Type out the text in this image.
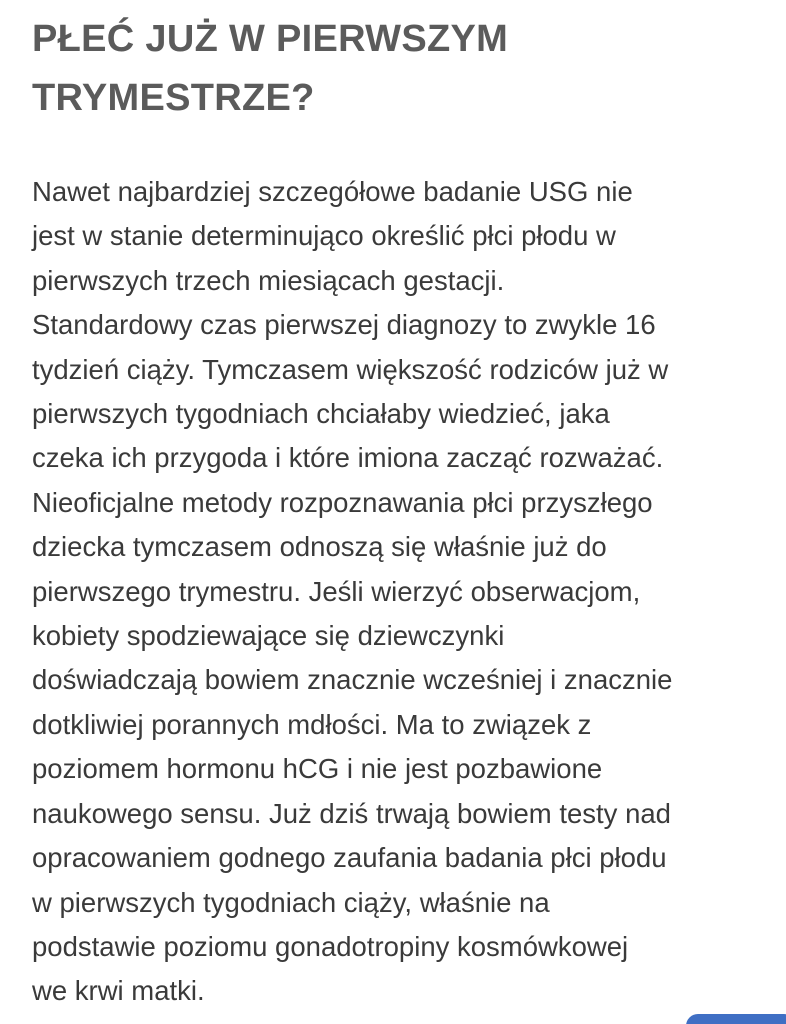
PŁEĆ JUŻ W PIERWSZYM
TRYMESTRZE?

Nawet najbardziej szczegółowe badanie USG nie
jest w stanie determinująco określić płci płodu w
pierwszych trzech miesiącach gestacji.
Standardowy czas pierwszej diagnozy to zwykle 16
tydzień ciąży. Tymczasem większość rodziców już w
pierwszych tygodniach chciałaby wiedzieć, jaka
czeka ich przygoda i które imiona zacząć rozważać.
Nieoficjalne metody rozpoznawania płci przyszłego
dziecka tymczasem odnoszą się właśnie już do
pierwszego trymestru. Jeśli wierzyć obserwacjom,
kobiety spodziewające się dziewczynki
doświadczają bowiem znacznie wcześniej i znacznie
dotkliwiej porannych mdłości. Ma to związek z
poziomem hormonu hCG i nie jest pozbawione
naukowego sensu. Już dziś trwają bowiem testy nad
opracowaniem godnego zaufania badania płci płodu
w pierwszych tygodniach ciąży, właśnie na
podstawie poziomu gonadotropiny kosmówkowej
we krwi matki.
